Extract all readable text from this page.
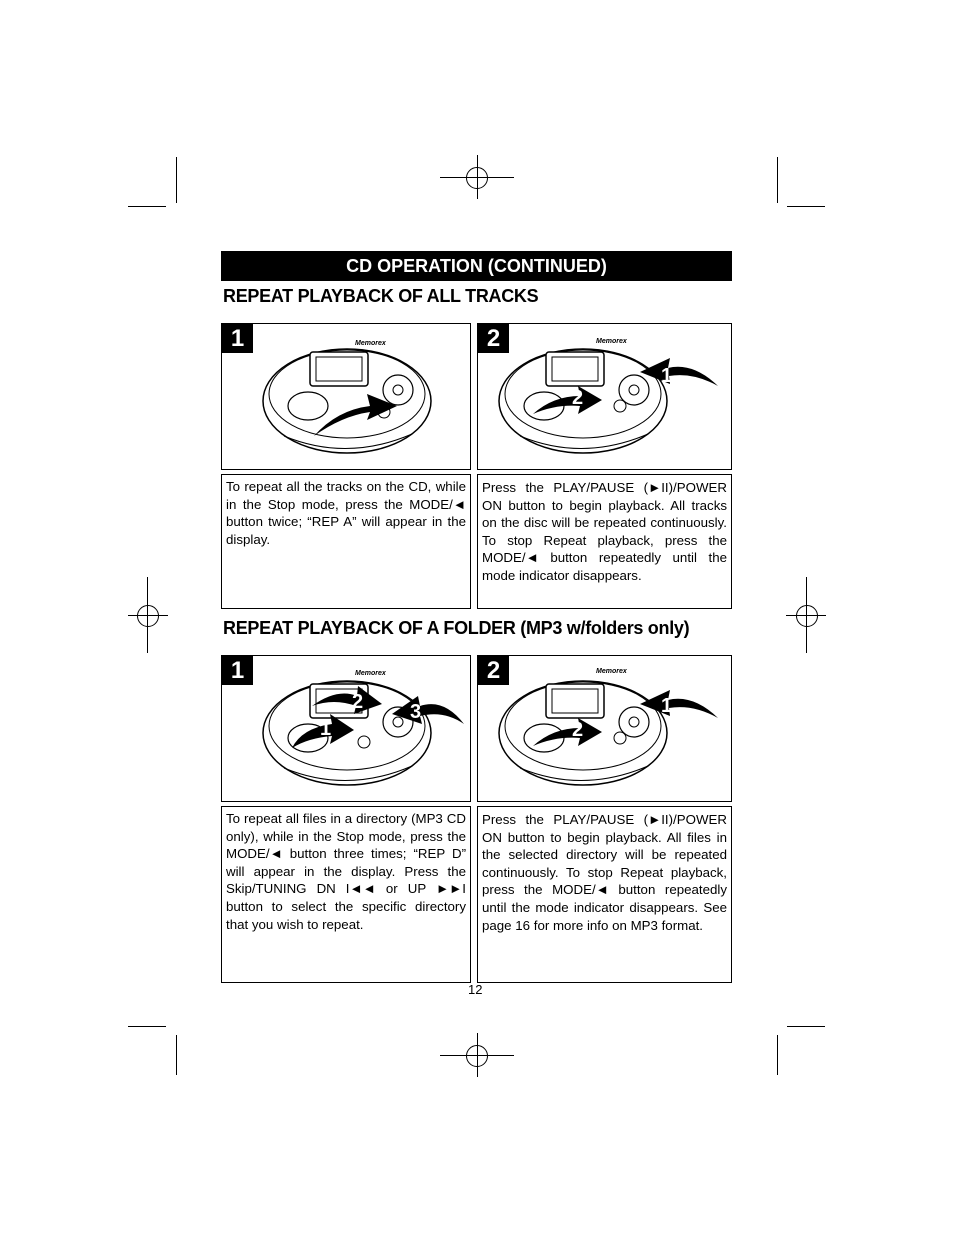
CD OPERATION (CONTINUED)
REPEAT PLAYBACK OF ALL TRACKS
Memorex
1	Memorex
1
2
2

To repeat all the tracks on the CD, while in the Stop mode, press the MODE/◄ button twice; “REP A” will appear in the display.

Press the PLAY/PAUSE (►II)/POWER ON button to begin playback. All tracks on the disc will be repeated continuously. To stop Repeat playback, press the MODE/◄ button repeatedly until the mode indicator disappears.

REPEAT PLAYBACK OF A FOLDER (MP3 w/folders only)
Memorex
2 3
1
1	Memorex
1
2
2

To repeat all files in a directory (MP3 CD only), while in the Stop mode, press the MODE/◄ button three times; “REP D” will appear in the display. Press the Skip/TUNING DN I◄◄ or UP ►►I button to select the specific directory that you wish to repeat.

Press the PLAY/PAUSE (►II)/POWER ON button to begin playback. All files in the selected directory will be repeated continuously. To stop Repeat playback, press the MODE/◄ button repeatedly until the mode indicator disappears. See page 16 for more info on MP3 format.

12
